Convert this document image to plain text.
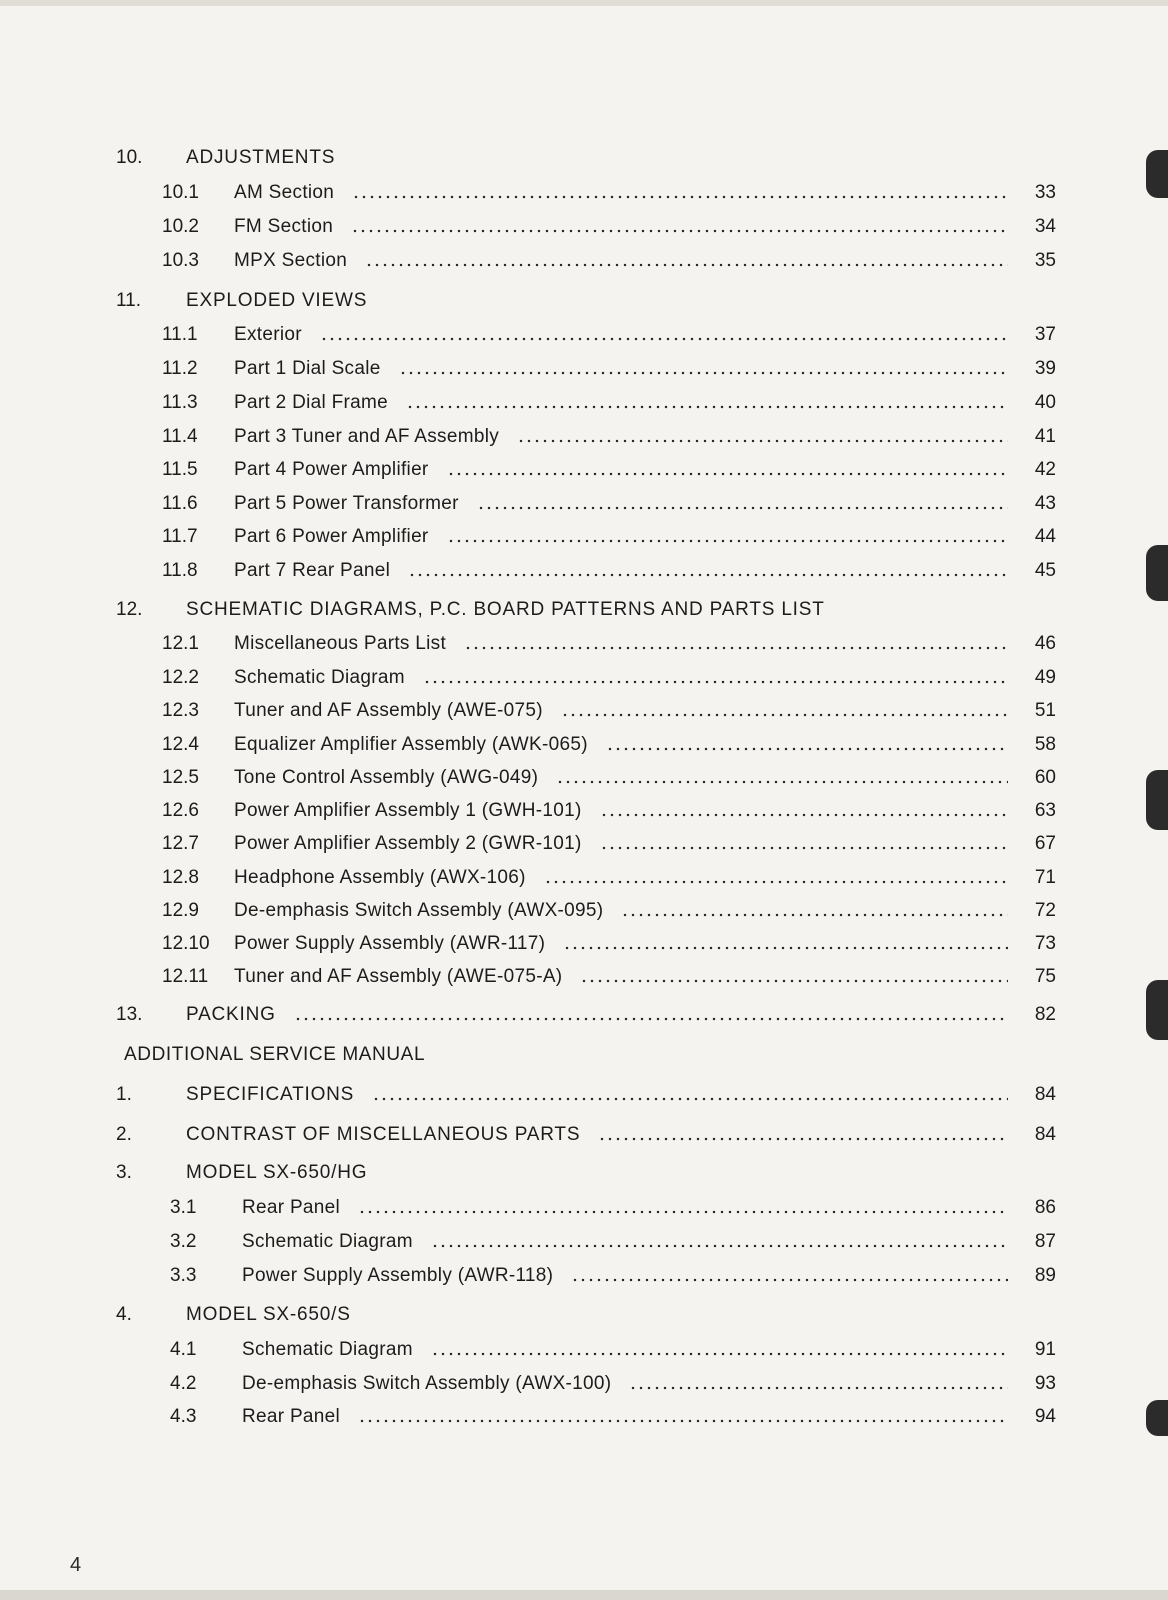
10.	ADJUSTMENTS
10.1	AM Section	33
10.2	FM Section	34
10.3	MPX Section	35
11.	EXPLODED VIEWS
11.1	Exterior	37
11.2	Part 1 Dial Scale	39
11.3	Part 2 Dial Frame	40
11.4	Part 3 Tuner and AF Assembly	41
11.5	Part 4 Power Amplifier	42
11.6	Part 5 Power Transformer	43
11.7	Part 6 Power Amplifier	44
11.8	Part 7 Rear Panel	45
12.	SCHEMATIC DIAGRAMS, P.C. BOARD PATTERNS AND PARTS LIST
12.1	Miscellaneous Parts List	46
12.2	Schematic Diagram	49
12.3	Tuner and AF Assembly (AWE-075)	51
12.4	Equalizer Amplifier Assembly (AWK-065)	58
12.5	Tone Control Assembly (AWG-049)	60
12.6	Power Amplifier Assembly 1 (GWH-101)	63
12.7	Power Amplifier Assembly 2 (GWR-101)	67
12.8	Headphone Assembly (AWX-106)	71
12.9	De-emphasis Switch Assembly (AWX-095)	72
12.10	Power Supply Assembly (AWR-117)	73
12.11	Tuner and AF Assembly (AWE-075-A)	75
13.	PACKING	82
ADDITIONAL SERVICE MANUAL
1.	SPECIFICATIONS	84
2.	CONTRAST OF MISCELLANEOUS PARTS	84
3.	MODEL SX-650/HG
3.1	Rear Panel	86
3.2	Schematic Diagram	87
3.3	Power Supply Assembly (AWR-118)	89
4.	MODEL SX-650/S
4.1	Schematic Diagram	91
4.2	De-emphasis Switch Assembly (AWX-100)	93
4.3	Rear Panel	94
4
